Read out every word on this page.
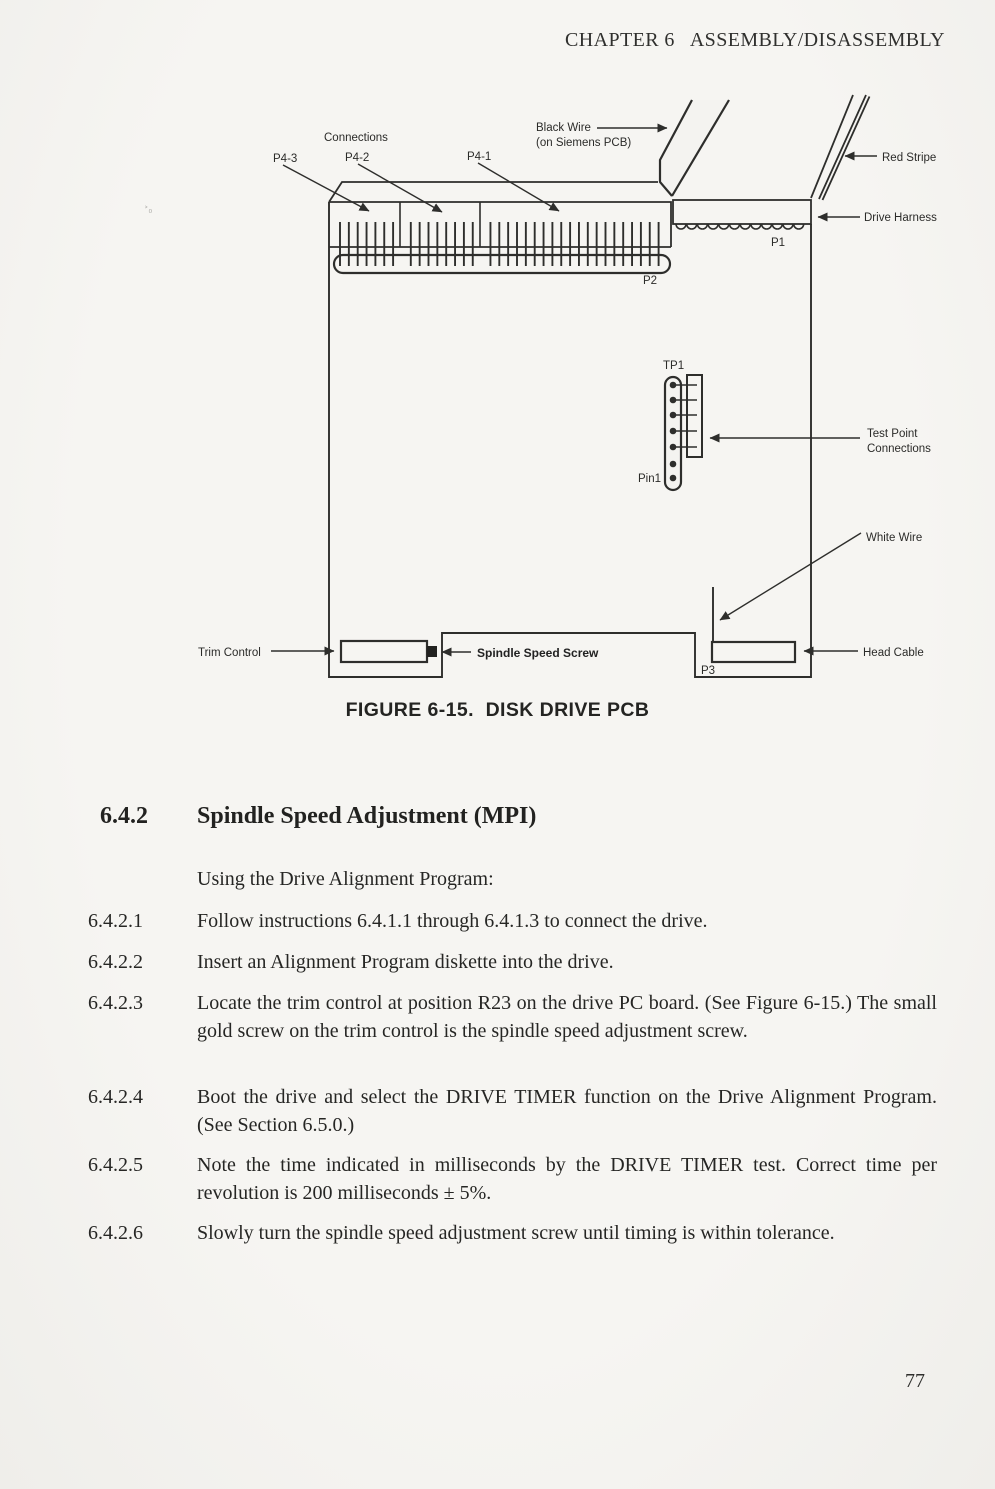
CHAPTER 6   ASSEMBLY/DISASSEMBLY
˃₀
Connections
P4-3	P4-2	P4-1
Black Wire
(on Siemens PCB)
Red Stripe
Drive Harness
P1
P2
TP1
Pin1
Test Point
Connections
White Wire
Head Cable
P3
Trim Control	Spindle Speed Screw
FIGURE 6-15.  DISK DRIVE PCB
6.4.2 Spindle Speed Adjustment (MPI)
Using the Drive Alignment Program:
6.4.2.1	Follow instructions 6.4.1.1 through 6.4.1.3 to connect the drive.
6.4.2.2	Insert an Alignment Program diskette into the drive.
6.4.2.3	Locate the trim control at position R23 on the drive PC board. (See Figure 6-15.) The small gold screw on the trim control is the spindle speed adjustment screw.
6.4.2.4	Boot the drive and select the DRIVE TIMER function on the Drive Alignment Program. (See Section 6.5.0.)
6.4.2.5	Note the time indicated in milliseconds by the DRIVE TIMER test. Correct time per revolution is 200 milliseconds ± 5%.
6.4.2.6	Slowly turn the spindle speed adjustment screw until timing is within tolerance.
77
